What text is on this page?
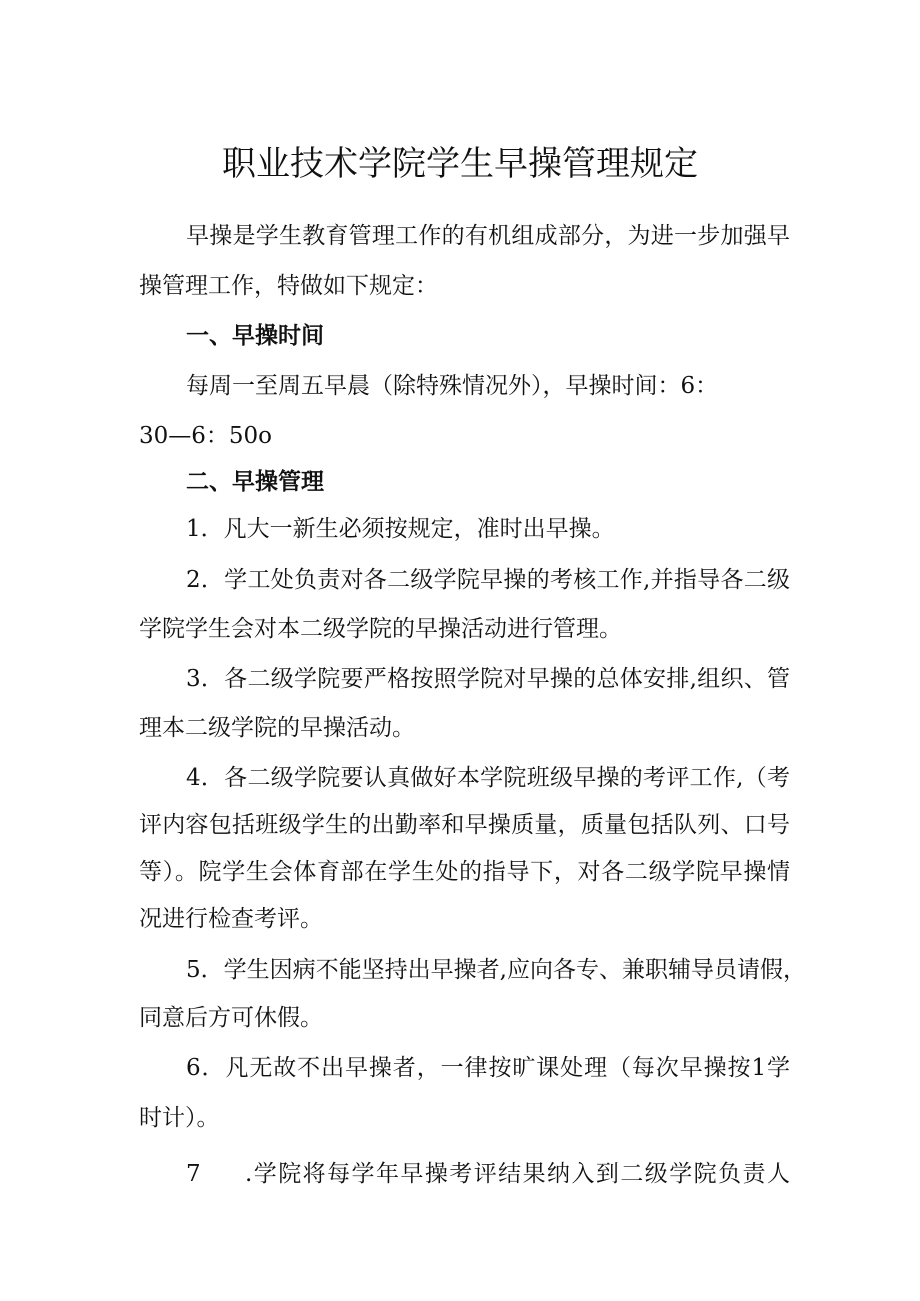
职业技术学院学生早操管理规定
早操是学生教育管理工作的有机组成部分，为进一步加强早
操管理工作，特做如下规定：
一、早操时间
每周一至周五早晨（除特殊情况外），早操时间：6：
30—6：50o
二、早操管理
1．凡大一新生必须按规定，准时出早操。
2．学工处负责对各二级学院早操的考核工作,并指导各二级
学院学生会对本二级学院的早操活动进行管理。
3．各二级学院要严格按照学院对早操的总体安排,组织、管
理本二级学院的早操活动。
4．各二级学院要认真做好本学院班级早操的考评工作,（考
评内容包括班级学生的出勤率和早操质量，质量包括队列、口号
等）。院学生会体育部在学生处的指导下，对各二级学院早操情
况进行检查考评。
5．学生因病不能坚持出早操者,应向各专、兼职辅导员请假，
同意后方可休假。
6．凡无故不出早操者，一律按旷课处理（每次早操按1学
时计）。
7 .学院将每学年早操考评结果纳入到二级学院负责人
